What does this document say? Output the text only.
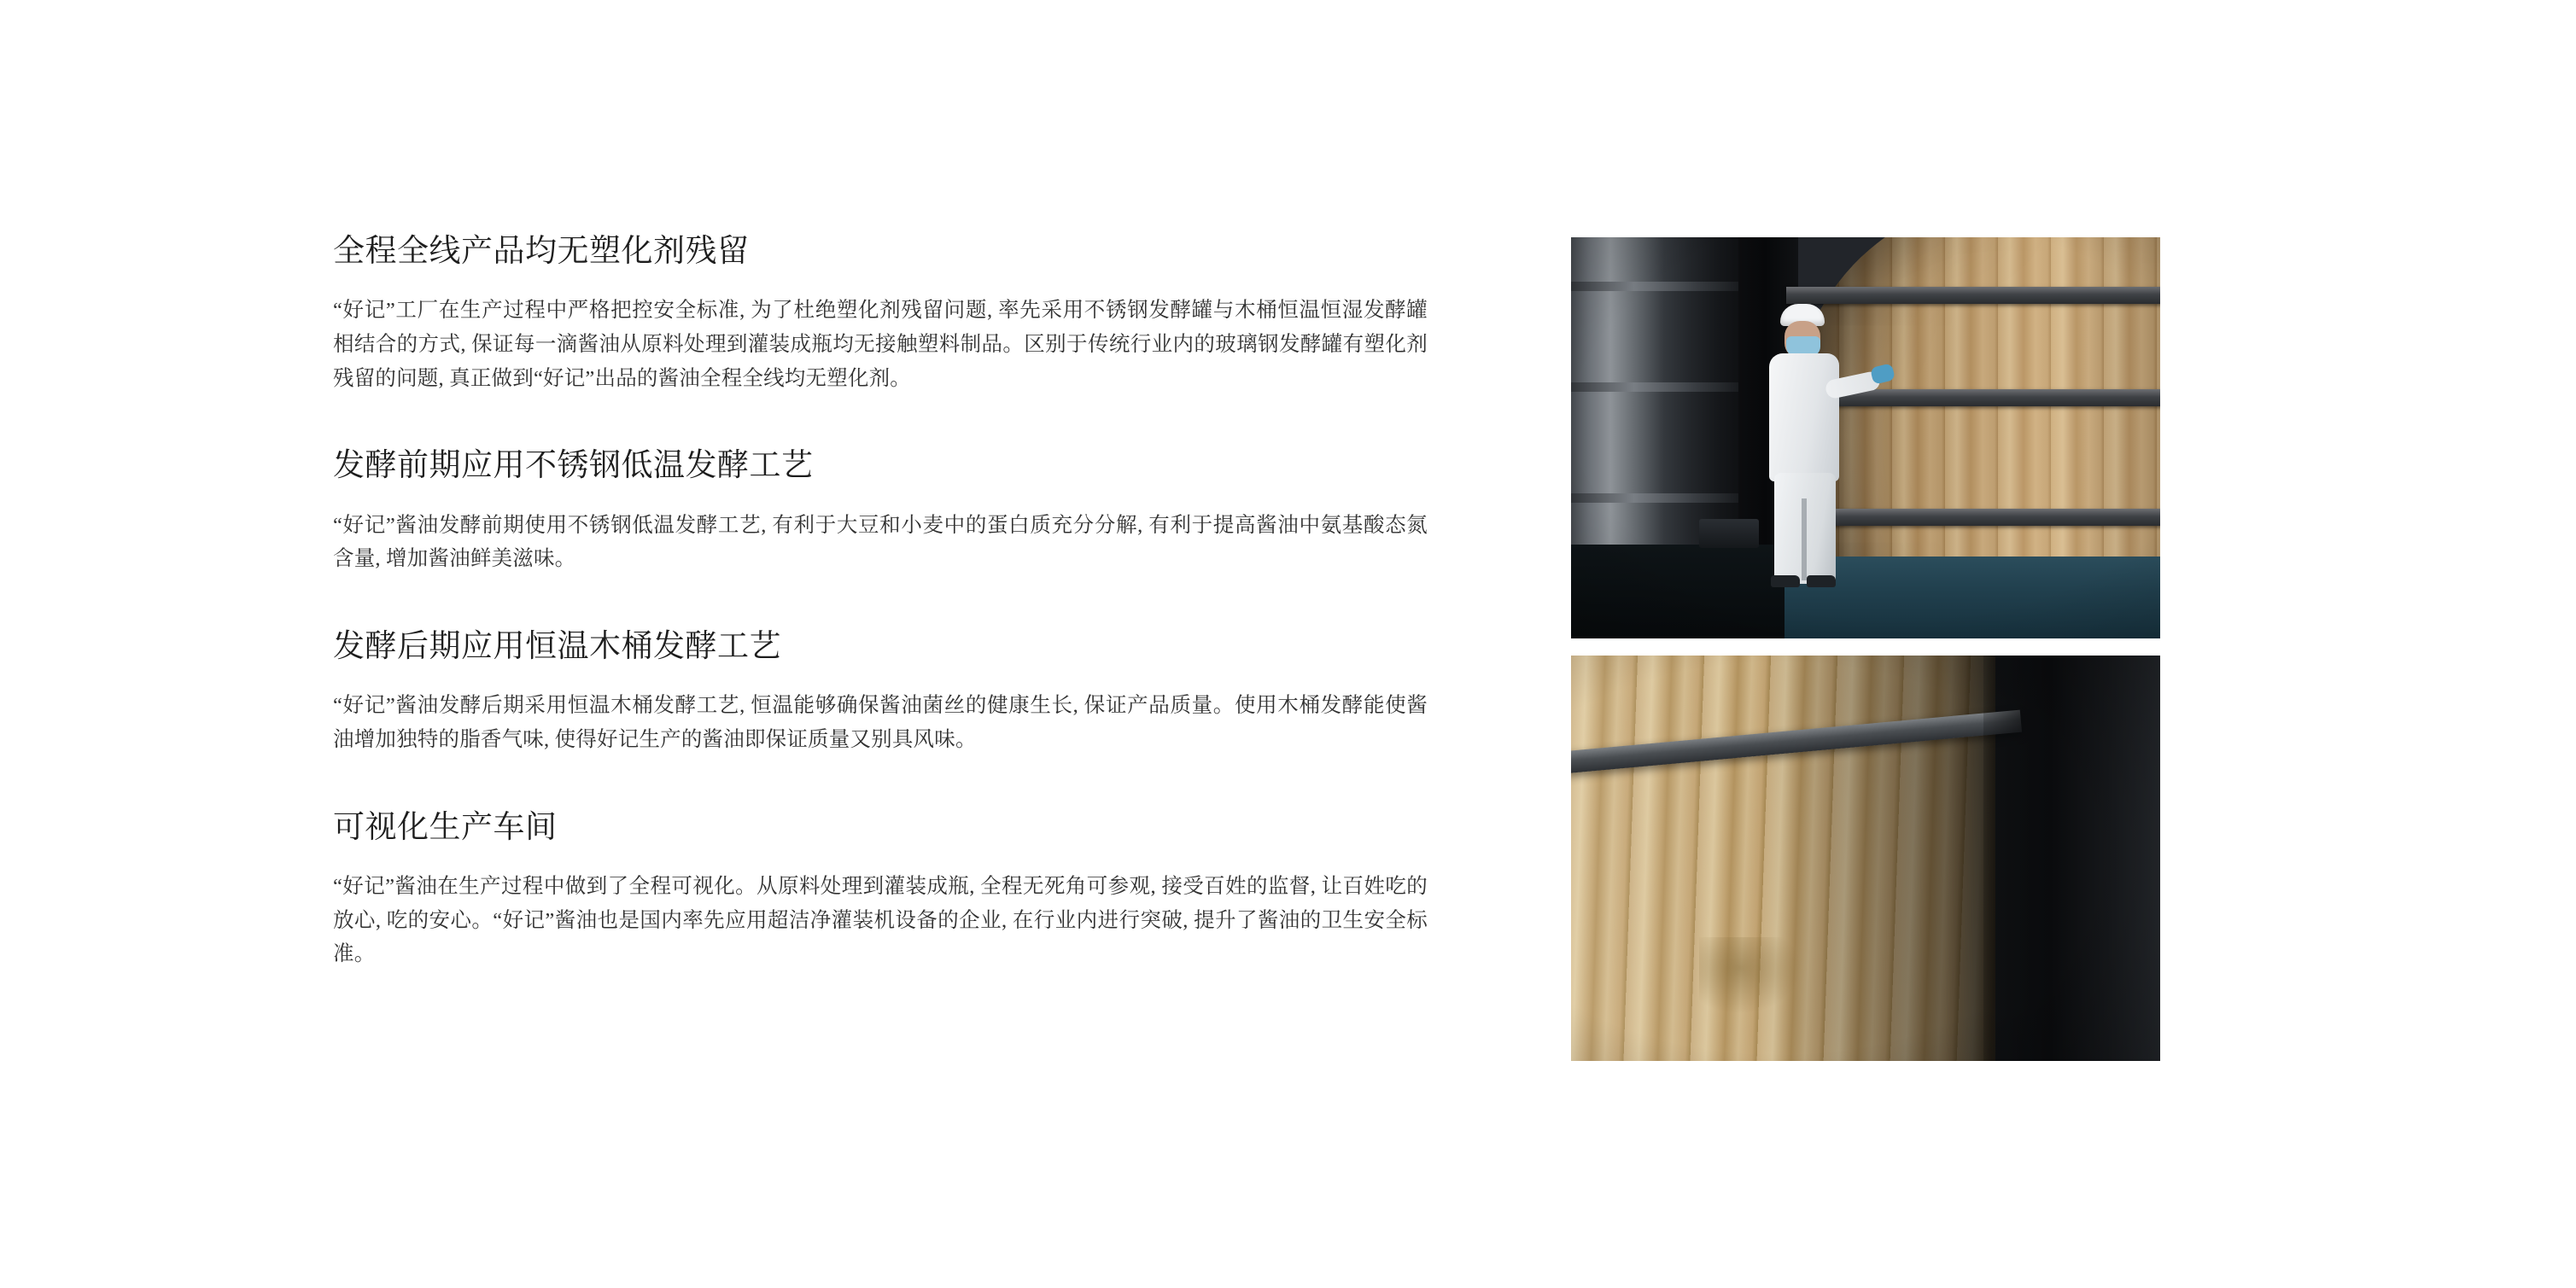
全程全线产品均无塑化剂残留

“好记”工厂在生产过程中严格把控安全标准, 为了杜绝塑化剂残留问题, 率先采用不锈钢发酵罐与木桶恒温恒湿发酵罐相结合的方式, 保证每一滴酱油从原料处理到灌装成瓶均无接触塑料制品。区别于传统行业内的玻璃钢发酵罐有塑化剂残留的问题, 真正做到“好记”出品的酱油全程全线均无塑化剂。

发酵前期应用不锈钢低温发酵工艺

“好记”酱油发酵前期使用不锈钢低温发酵工艺, 有利于大豆和小麦中的蛋白质充分分解, 有利于提高酱油中氨基酸态氮含量, 增加酱油鲜美滋味。

发酵后期应用恒温木桶发酵工艺

“好记”酱油发酵后期采用恒温木桶发酵工艺, 恒温能够确保酱油菌丝的健康生长, 保证产品质量。使用木桶发酵能使酱油增加独特的脂香气味, 使得好记生产的酱油即保证质量又别具风味。

可视化生产车间

“好记”酱油在生产过程中做到了全程可视化。从原料处理到灌装成瓶, 全程无死角可参观, 接受百姓的监督, 让百姓吃的放心, 吃的安心。“好记”酱油也是国内率先应用超洁净灌装机设备的企业, 在行业内进行突破, 提升了酱油的卫生安全标准。
